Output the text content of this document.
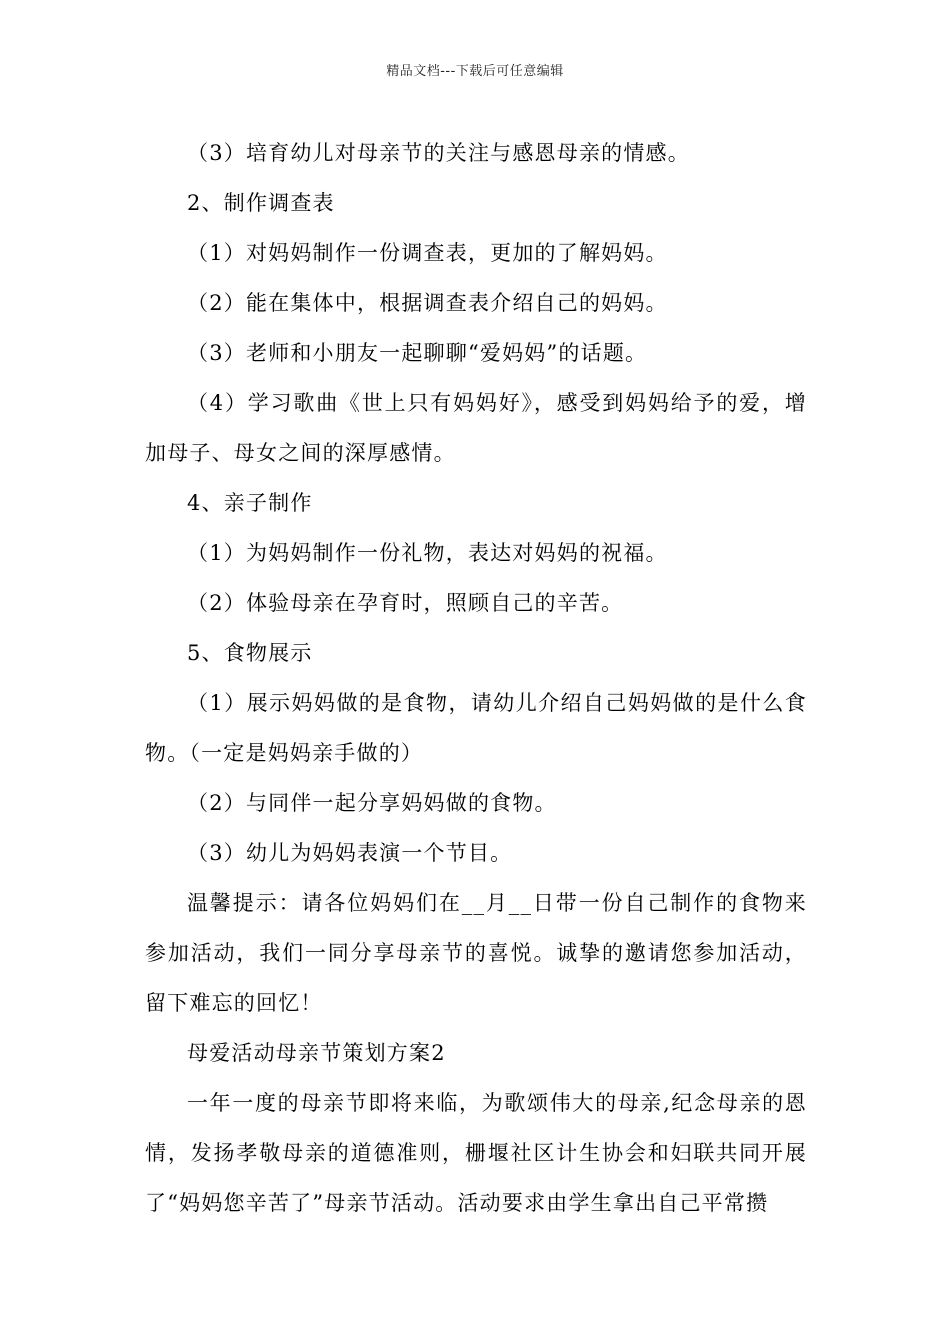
精品文档---下载后可任意编辑

（3）培育幼儿对母亲节的关注与感恩母亲的情感。

2、制作调查表

（1）对妈妈制作一份调查表，更加的了解妈妈。

（2）能在集体中，根据调查表介绍自己的妈妈。

（3）老师和小朋友一起聊聊“爱妈妈”的话题。

（4）学习歌曲《世上只有妈妈好》，感受到妈妈给予的爱，增加母子、母女之间的深厚感情。

4、亲子制作

（1）为妈妈制作一份礼物，表达对妈妈的祝福。

（2）体验母亲在孕育时，照顾自己的辛苦。

5、食物展示

（1）展示妈妈做的是食物，请幼儿介绍自己妈妈做的是什么食物。（一定是妈妈亲手做的）

（2）与同伴一起分享妈妈做的食物。

（3）幼儿为妈妈表演一个节目。

温馨提示：请各位妈妈们在__月__日带一份自己制作的食物来参加活动，我们一同分享母亲节的喜悦。诚挚的邀请您参加活动，留下难忘的回忆！

母爱活动母亲节策划方案2

一年一度的母亲节即将来临，为歌颂伟大的母亲,纪念母亲的恩情，发扬孝敬母亲的道德准则，栅堰社区计生协会和妇联共同开展了“妈妈您辛苦了”母亲节活动。活动要求由学生拿出自己平常攒
